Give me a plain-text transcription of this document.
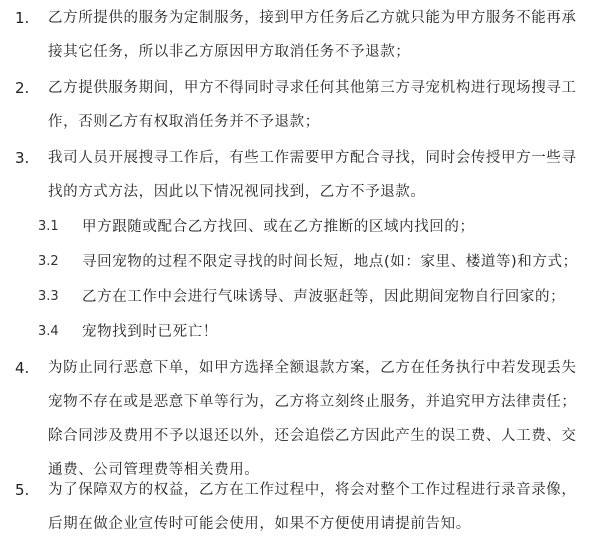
1. 乙方所提供的服务为定制服务，接到甲方任务后乙方就只能为甲方服务不能再承
接其它任务，所以非乙方原因甲方取消任务不予退款；
2. 乙方提供服务期间，甲方不得同时寻求任何其他第三方寻宠机构进行现场搜寻工
作，否则乙方有权取消任务并不予退款；
3. 我司人员开展搜寻工作后，有些工作需要甲方配合寻找，同时会传授甲方一些寻
找的方式方法，因此以下情况视同找到，乙方不予退款。
3.1 甲方跟随或配合乙方找回、或在乙方推断的区域内找回的；
3.2 寻回宠物的过程不限定寻找的时间长短，地点(如：家里、楼道等)和方式；
3.3 乙方在工作中会进行气味诱导、声波驱赶等，因此期间宠物自行回家的；
3.4 宠物找到时已死亡！
4. 为防止同行恶意下单，如甲方选择全额退款方案，乙方在任务执行中若发现丢失
宠物不存在或是恶意下单等行为，乙方将立刻终止服务，并追究甲方法律责任；
除合同涉及费用不予以退还以外，还会追偿乙方因此产生的误工费、人工费、交
通费、公司管理费等相关费用。
5. 为了保障双方的权益，乙方在工作过程中，将会对整个工作过程进行录音录像，
后期在做企业宣传时可能会使用，如果不方便使用请提前告知。
